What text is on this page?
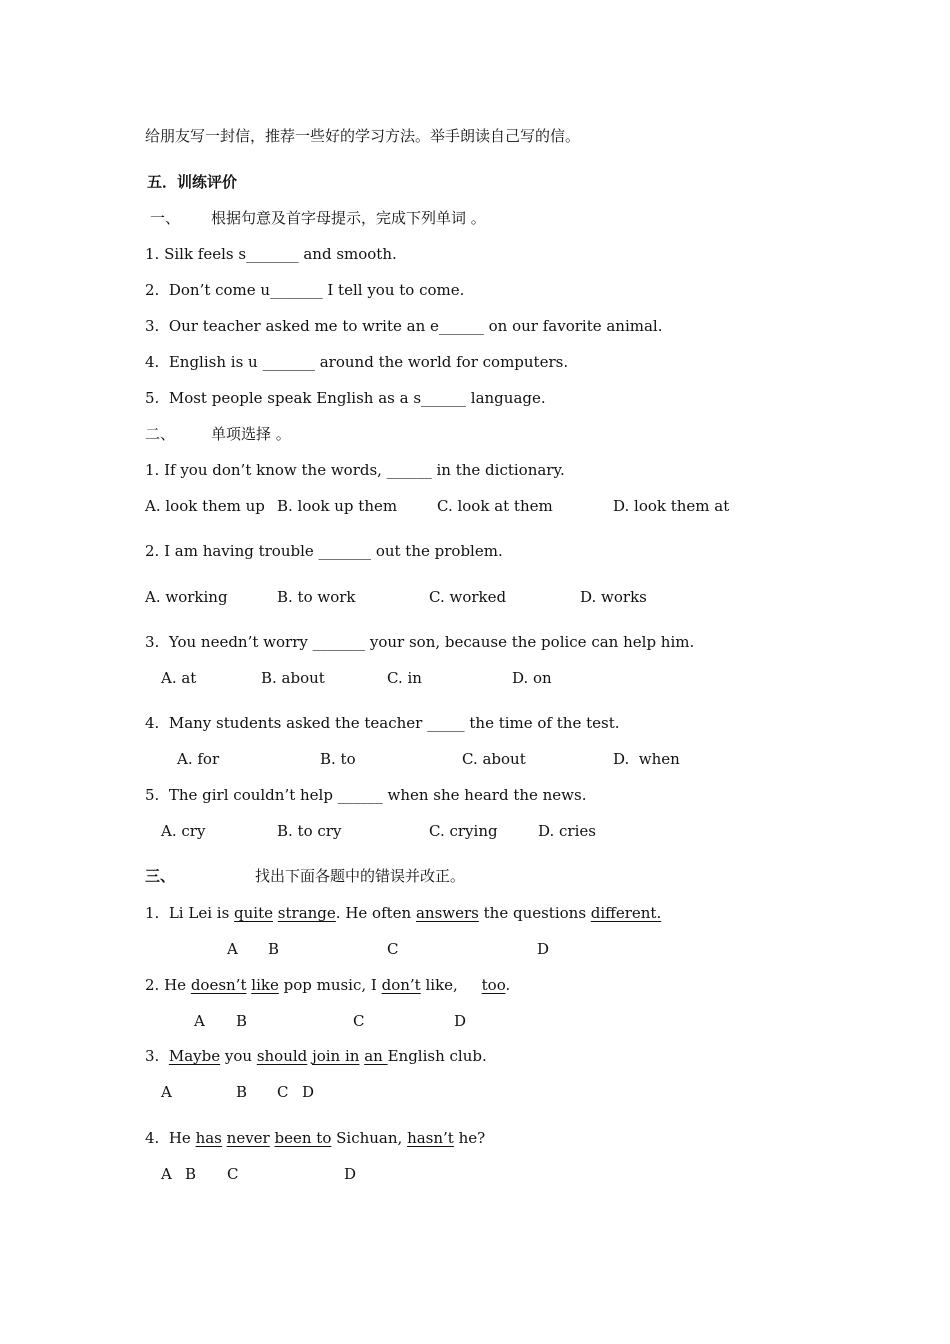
给朋友写一封信，推荐一些好的学习方法。举手朗读自己写的信。
五．训练评价
一、 根据句意及首字母提示，完成下列单词 。
1. Silk feels s_______ and smooth.
2.  Don’t come u_______ I tell you to come.
3.  Our teacher asked me to write an e______ on our favorite animal.
4.  English is u _______ around the world for computers.
5.  Most people speak English as a s______ language.
二、 单项选择 。
1. If you don’t know the words, ______ in the dictionary.
A. look them up B. look up them	C. look at them	D. look them at
2. I am having trouble _______ out the problem.
A. working	B. to work	C. worked	D. works
3.  You needn’t worry _______ your son, because the police can help him.
A. at	B. about	C. in	D. on
4.  Many students asked the teacher _____ the time of the test.
A. for	B. to	C. about	D.  when
5.  The girl couldn’t help ______ when she heard the news.
A. cry	B. to cry	C. crying	D. cries
三、	找出下面各题中的错误并改正。
1.  Li Lei is quite strange. He often answers the questions different.
A B	C	D
2. He doesn’t like pop music, I don’t like,     too.
A B	C	D
3.  Maybe you should join in an English club.
A	B C D
4.  He has never been to Sichuan, hasn’t he?
A B C	D
